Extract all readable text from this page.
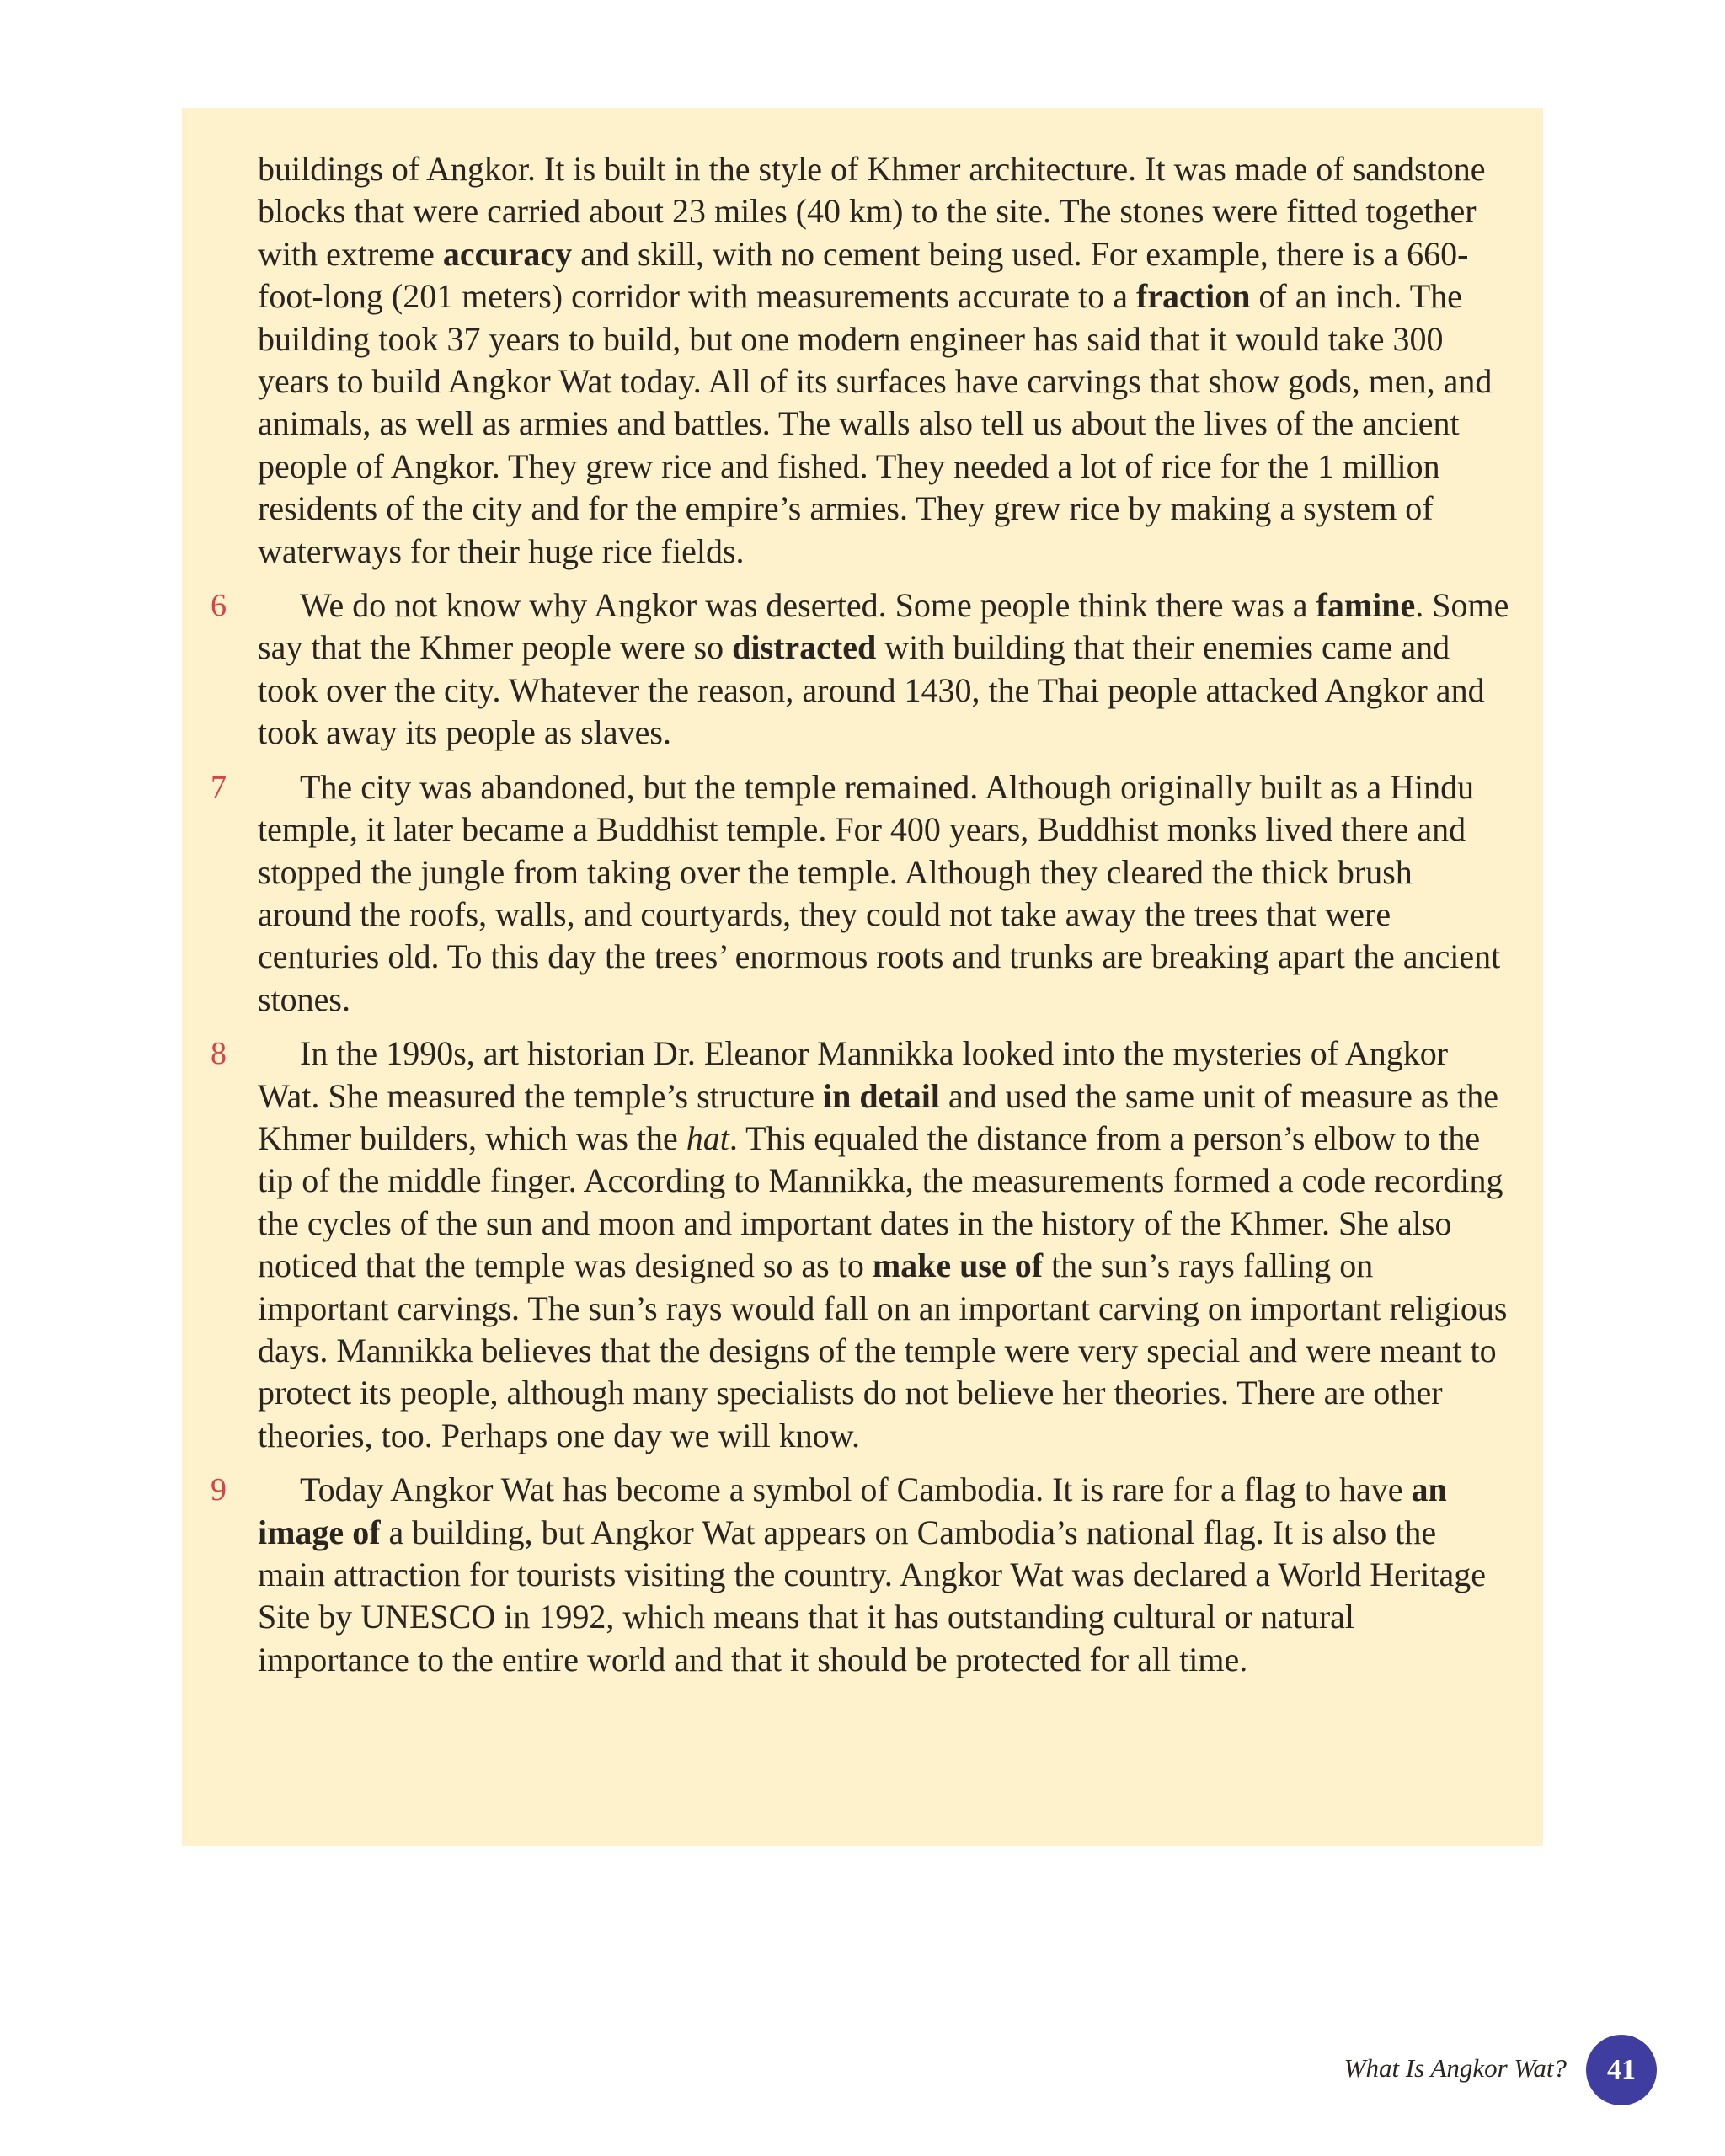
buildings of Angkor. It is built in the style of Khmer architecture. It was made of sandstone blocks that were carried about 23 miles (40 km) to the site. The stones were fitted together with extreme accuracy and skill, with no cement being used. For example, there is a 660-foot-long (201 meters) corridor with measurements accurate to a fraction of an inch. The building took 37 years to build, but one modern engineer has said that it would take 300 years to build Angkor Wat today. All of its surfaces have carvings that show gods, men, and animals, as well as armies and battles. The walls also tell us about the lives of the ancient people of Angkor. They grew rice and fished. They needed a lot of rice for the 1 million residents of the city and for the empire’s armies. They grew rice by making a system of waterways for their huge rice fields.

6 We do not know why Angkor was deserted. Some people think there was a famine. Some say that the Khmer people were so distracted with building that their enemies came and took over the city. Whatever the reason, around 1430, the Thai people attacked Angkor and took away its people as slaves.

7 The city was abandoned, but the temple remained. Although originally built as a Hindu temple, it later became a Buddhist temple. For 400 years, Buddhist monks lived there and stopped the jungle from taking over the temple. Although they cleared the thick brush around the roofs, walls, and courtyards, they could not take away the trees that were centuries old. To this day the trees’ enormous roots and trunks are breaking apart the ancient stones.

8 In the 1990s, art historian Dr. Eleanor Mannikka looked into the mysteries of Angkor Wat. She measured the temple’s structure in detail and used the same unit of measure as the Khmer builders, which was the hat. This equaled the distance from a person’s elbow to the tip of the middle finger. According to Mannikka, the measurements formed a code recording the cycles of the sun and moon and important dates in the history of the Khmer. She also noticed that the temple was designed so as to make use of the sun’s rays falling on important carvings. The sun’s rays would fall on an important carving on important religious days. Mannikka believes that the designs of the temple were very special and were meant to protect its people, although many specialists do not believe her theories. There are other theories, too. Perhaps one day we will know.

9 Today Angkor Wat has become a symbol of Cambodia. It is rare for a flag to have an image of a building, but Angkor Wat appears on Cambodia’s national flag. It is also the main attraction for tourists visiting the country. Angkor Wat was declared a World Heritage Site by UNESCO in 1992, which means that it has outstanding cultural or natural importance to the entire world and that it should be protected for all time.

What Is Angkor Wat?	41
